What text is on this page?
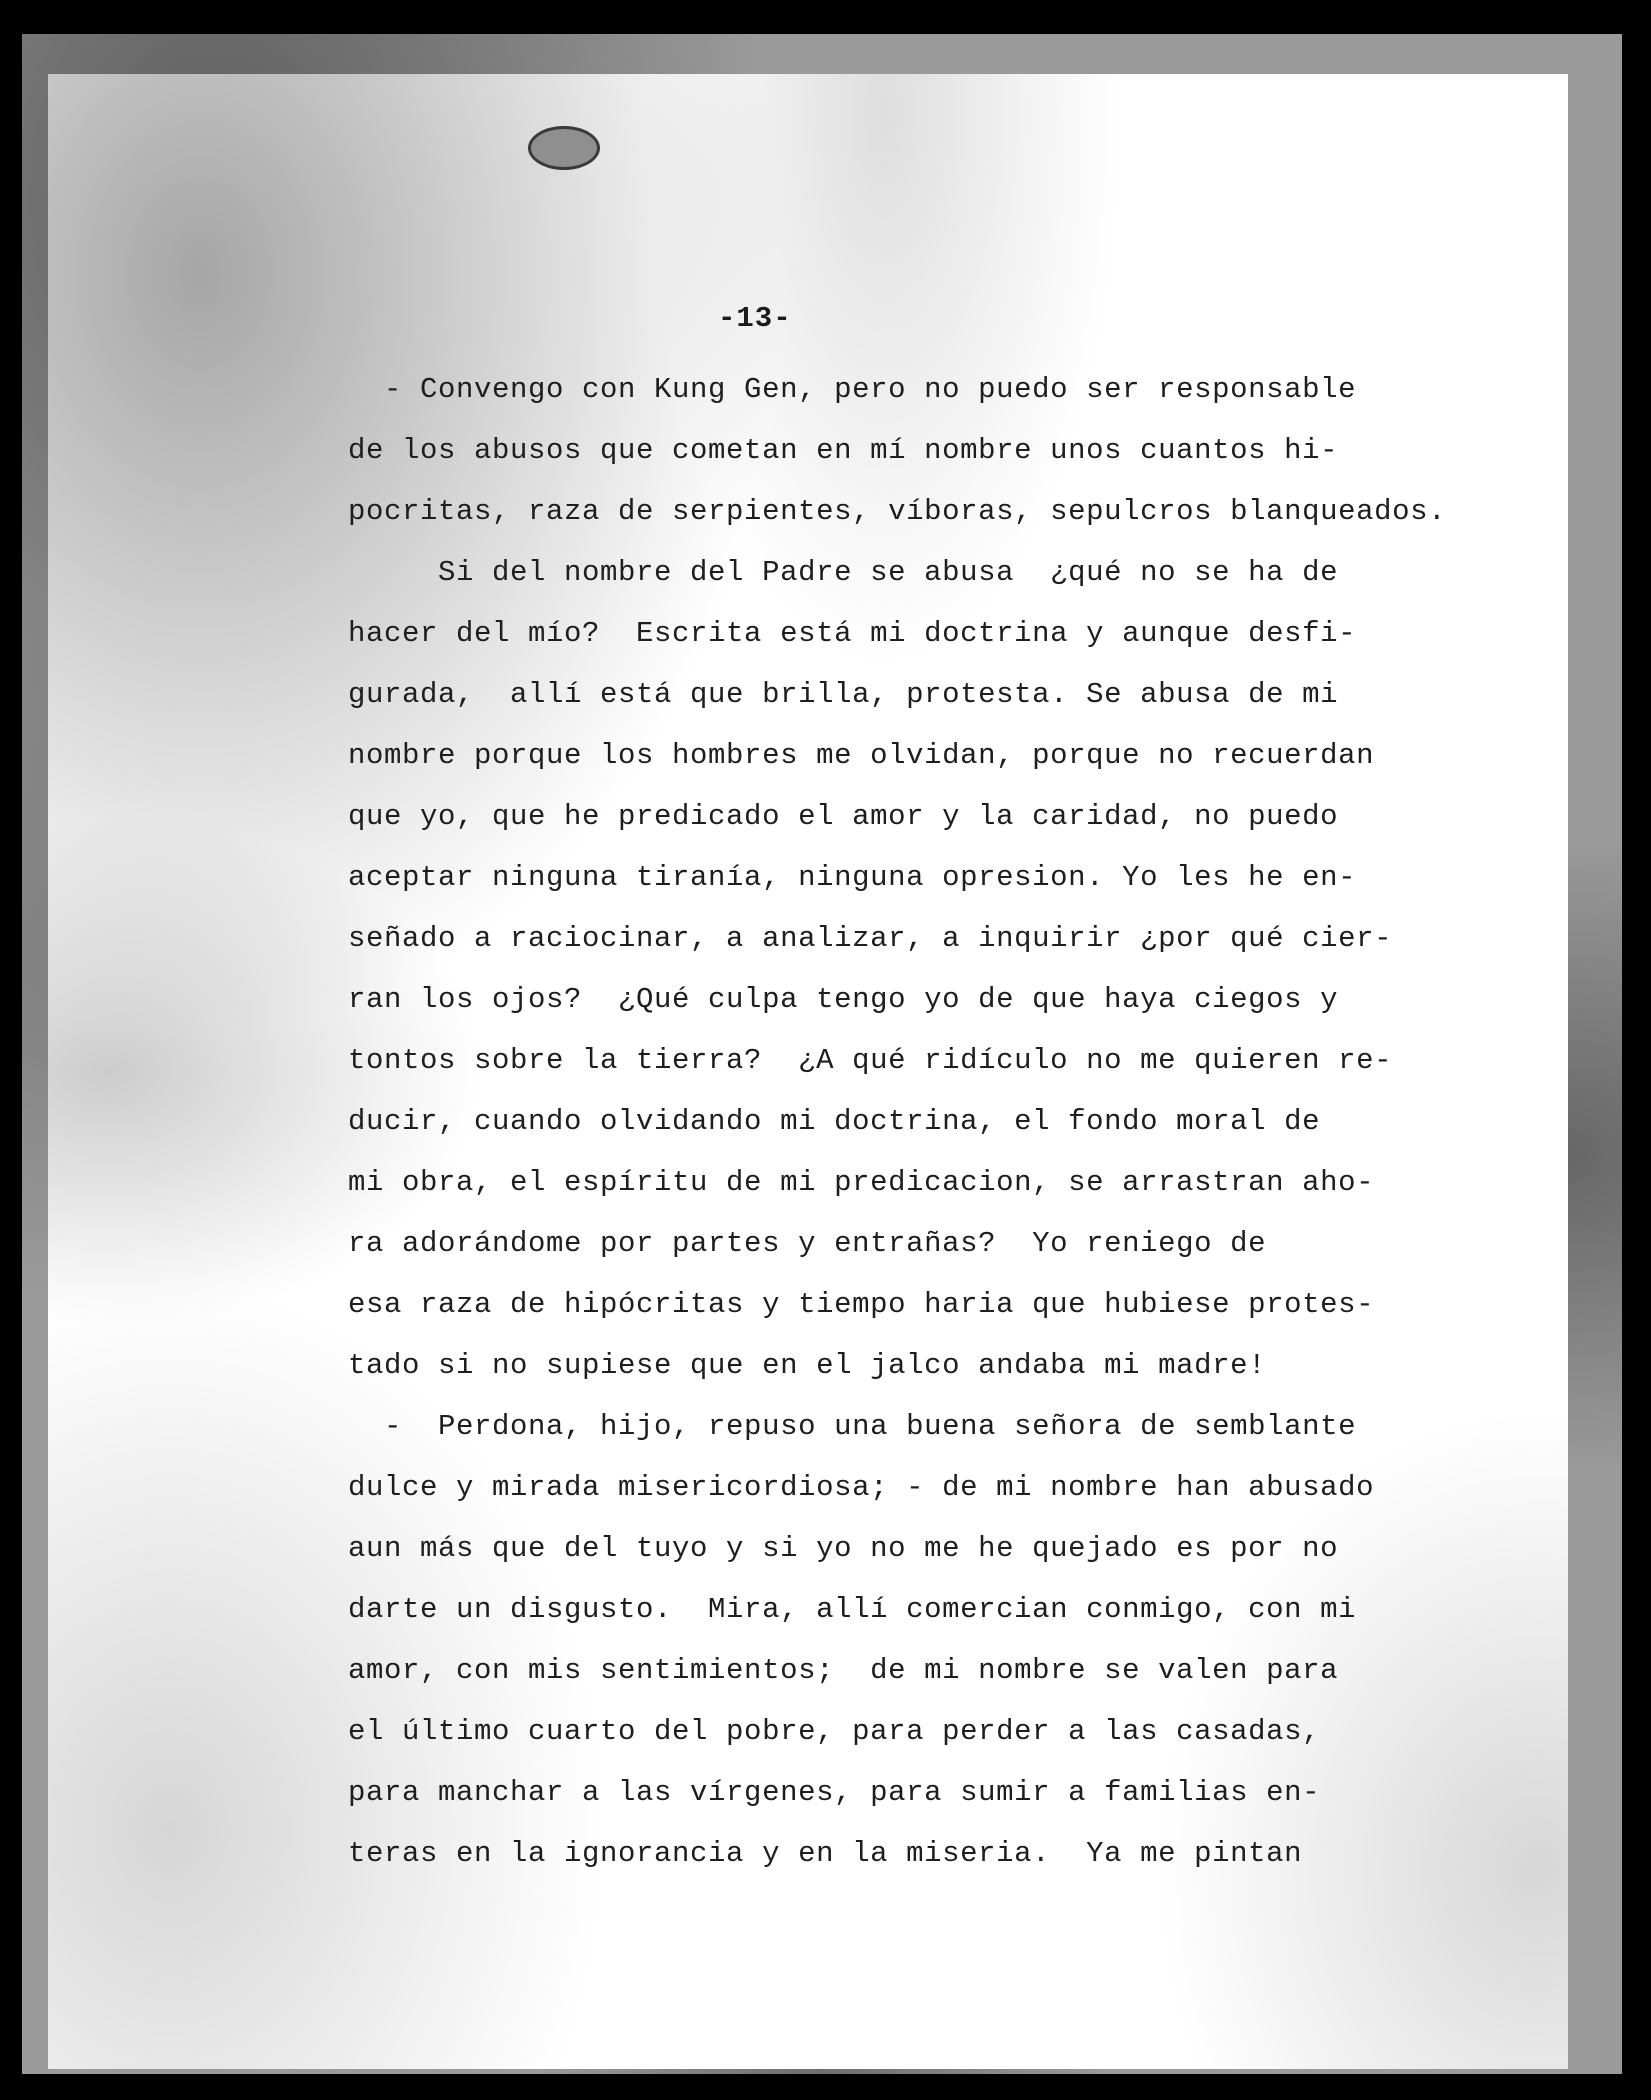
-13-
- Convengo con Kung Gen, pero no puedo ser responsable
de los abusos que cometan en mí nombre unos cuantos hi-
pocritas, raza de serpientes, víboras, sepulcros blanqueados.
Si del nombre del Padre se abusa  ¿qué no se ha de
hacer del mío?  Escrita está mi doctrina y aunque desfi-
gurada,  allí está que brilla, protesta. Se abusa de mi
nombre porque los hombres me olvidan, porque no recuerdan
que yo, que he predicado el amor y la caridad, no puedo
aceptar ninguna tiranía, ninguna opresion. Yo les he en-
señado a raciocinar, a analizar, a inquirir ¿por qué cier-
ran los ojos?  ¿Qué culpa tengo yo de que haya ciegos y
tontos sobre la tierra?  ¿A qué ridículo no me quieren re-
ducir, cuando olvidando mi doctrina, el fondo moral de
mi obra, el espíritu de mi predicacion, se arrastran aho-
ra adorándome por partes y entrañas?  Yo reniego de
esa raza de hipócritas y tiempo haria que hubiese protes-
tado si no supiese que en el jalco andaba mi madre!
-  Perdona, hijo, repuso una buena señora de semblante
dulce y mirada misericordiosa; - de mi nombre han abusado
aun más que del tuyo y si yo no me he quejado es por no
darte un disgusto.  Mira, allí comercian conmigo, con mi
amor, con mis sentimientos;  de mi nombre se valen para
el último cuarto del pobre, para perder a las casadas,
para manchar a las vírgenes, para sumir a familias en-
teras en la ignorancia y en la miseria.  Ya me pintan
